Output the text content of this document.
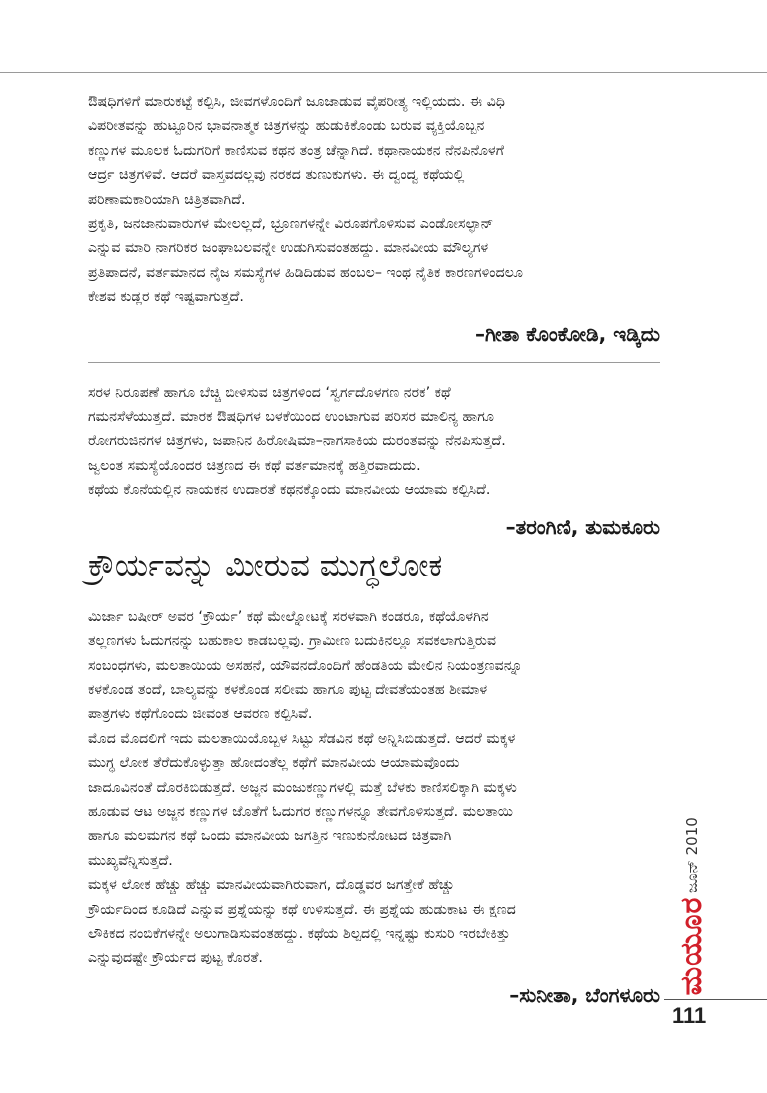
ಔಷಧಿಗಳಿಗೆ ಮಾರುಕಟ್ಟೆ ಕಲ್ಪಿಸಿ, ಜೀವಗಳೊಂದಿಗೆ ಜೂಜಾಡುವ ವೈಪರೀತ್ಯ ಇಲ್ಲಿಯದು. ಈ ವಿಧಿ
ವಿಪರೀತವನ್ನು ಹುಟ್ಟೂರಿನ ಭಾವನಾತ್ಮಕ ಚಿತ್ರಗಳನ್ನು ಹುಡುಕಿಕೊಂಡು ಬರುವ ವ್ಯಕ್ತಿಯೊಬ್ಬನ
ಕಣ್ಣುಗಳ ಮೂಲಕ ಓದುಗರಿಗೆ ಕಾಣಿಸುವ ಕಥನ ತಂತ್ರ ಚೆನ್ನಾಗಿದೆ. ಕಥಾನಾಯಕನ ನೆನಪಿನೊಳಗೆ
ಆರ್ದ್ರ ಚಿತ್ರಗಳಿವೆ. ಆದರೆ ವಾಸ್ತವದಲ್ಲವು ನರಕದ ತುಣುಕುಗಳು. ಈ ದ್ವಂದ್ವ ಕಥೆಯಲ್ಲಿ
ಪರಿಣಾಮಕಾರಿಯಾಗಿ ಚಿತ್ರಿತವಾಗಿದೆ.
ಪ್ರಕೃತಿ, ಜನಜಾನುವಾರುಗಳ ಮೇಲಲ್ಲದೆ, ಭ್ರೂಣಗಳನ್ನೇ ವಿರೂಪಗೊಳಿಸುವ ಎಂಡೋಸಲ್ಫಾನ್
ಎನ್ನುವ ಮಾರಿ ನಾಗರಿಕರ ಜಂಘಾಬಲವನ್ನೇ ಉಡುಗಿಸುವಂತಹದ್ದು. ಮಾನವೀಯ ಮೌಲ್ಯಗಳ
ಪ್ರತಿಪಾದನೆ, ವರ್ತಮಾನದ ನೈಜ ಸಮಸ್ಯೆಗಳ ಹಿಡಿದಿಡುವ ಹಂಬಲ– ಇಂಥ ನೈತಿಕ ಕಾರಣಗಳಿಂದಲೂ
ಕೇಶವ ಕುಡ್ಲರ ಕಥೆ ಇಷ್ಟವಾಗುತ್ತದೆ.
–ಗೀತಾ ಕೊಂಕೋಡಿ, ಇಡ್ಕಿದು
ಸರಳ ನಿರೂಪಣೆ ಹಾಗೂ ಬೆಚ್ಚಿ ಬೀಳಿಸುವ ಚಿತ್ರಗಳಿಂದ ‘ಸ್ವರ್ಗದೊಳಗಣ ನರಕ’ ಕಥೆ
ಗಮನಸೆಳೆಯುತ್ತದೆ. ಮಾರಕ ಔಷಧಿಗಳ ಬಳಕೆಯಿಂದ ಉಂಟಾಗುವ ಪರಿಸರ ಮಾಲಿನ್ಯ ಹಾಗೂ
ರೋಗರುಜಿನಗಳ ಚಿತ್ರಗಳು, ಜಪಾನಿನ ಹಿರೋಷಿಮಾ–ನಾಗಸಾಕಿಯ ದುರಂತವನ್ನು ನೆನಪಿಸುತ್ತದೆ.
ಜ್ವಲಂತ ಸಮಸ್ಯೆಯೊಂದರ ಚಿತ್ರಣದ ಈ ಕಥೆ ವರ್ತಮಾನಕ್ಕೆ ಹತ್ತಿರವಾದುದು.
ಕಥೆಯ ಕೊನೆಯಲ್ಲಿನ ನಾಯಕನ ಉದಾರತೆ ಕಥನಕ್ಕೊಂದು ಮಾನವೀಯ ಆಯಾಮ ಕಲ್ಪಿಸಿದೆ.
–ತರಂಗಿಣಿ, ತುಮಕೂರು
ಕ್ರೌರ್ಯವನ್ನು ಮೀರುವ ಮುಗ್ಧಲೋಕ
ಮಿರ್ಜಾ ಬಷೀರ್ ಅವರ ‘ಕ್ರೌರ್ಯ’ ಕಥೆ ಮೇಲ್ನೋಟಕ್ಕೆ ಸರಳವಾಗಿ ಕಂಡರೂ, ಕಥೆಯೊಳಗಿನ
ತಲ್ಲಣಗಳು ಓದುಗನನ್ನು ಬಹುಕಾಲ ಕಾಡಬಲ್ಲವು. ಗ್ರಾಮೀಣ ಬದುಕಿನಲ್ಲೂ ಸವಕಲಾಗುತ್ತಿರುವ
ಸಂಬಂಧಗಳು, ಮಲತಾಯಿಯ ಅಸಹನೆ, ಯೌವನದೊಂದಿಗೆ ಹೆಂಡತಿಯ ಮೇಲಿನ ನಿಯಂತ್ರಣವನ್ನೂ
ಕಳಕೊಂಡ ತಂದೆ, ಬಾಲ್ಯವನ್ನು ಕಳಕೊಂಡ ಸಲೀಮ ಹಾಗೂ ಪುಟ್ಟ ದೇವತೆಯಂತಹ ಶೀಮಾಳ
ಪಾತ್ರಗಳು ಕಥೆಗೊಂದು ಜೀವಂತ ಆವರಣ ಕಲ್ಪಿಸಿವೆ.
ಮೊದ ಮೊದಲಿಗೆ ಇದು ಮಲತಾಯಿಯೊಬ್ಬಳ ಸಿಟ್ಟು ಸೆಡವಿನ ಕಥೆ ಅನ್ನಿಸಿಬಿಡುತ್ತದೆ. ಆದರೆ ಮಕ್ಕಳ
ಮುಗ್ಧ ಲೋಕ ತೆರೆದುಕೊಳ್ಳುತ್ತಾ ಹೋದಂತೆಲ್ಲ ಕಥೆಗೆ ಮಾನವೀಯ ಆಯಾಮವೊಂದು
ಜಾದೂವಿನಂತೆ ದೊರಕಿಬಿಡುತ್ತದೆ. ಅಜ್ಜನ ಮಂಜುಕಣ್ಣುಗಳಲ್ಲಿ ಮತ್ತೆ ಬೆಳಕು ಕಾಣಿಸಲಿಕ್ಕಾಗಿ ಮಕ್ಕಳು
ಹೂಡುವ ಆಟ ಅಜ್ಜನ ಕಣ್ಣುಗಳ ಜೊತೆಗೆ ಓದುಗರ ಕಣ್ಣುಗಳನ್ನೂ ತೇವಗೊಳಿಸುತ್ತದೆ. ಮಲತಾಯಿ
ಹಾಗೂ ಮಲಮಗನ ಕಥೆ ಒಂದು ಮಾನವೀಯ ಜಗತ್ತಿನ ಇಣುಕುನೋಟದ ಚಿತ್ರವಾಗಿ
ಮುಖ್ಯವೆನ್ನಿಸುತ್ತದೆ.
ಮಕ್ಕಳ ಲೋಕ ಹೆಚ್ಚು ಹೆಚ್ಚು ಮಾನವೀಯವಾಗಿರುವಾಗ, ದೊಡ್ಡವರ ಜಗತ್ತೇಕೆ ಹೆಚ್ಚು
ಕ್ರೌರ್ಯದಿಂದ ಕೂಡಿದೆ ಎನ್ನುವ ಪ್ರಶ್ನೆಯನ್ನು ಕಥೆ ಉಳಿಸುತ್ತದೆ. ಈ ಪ್ರಶ್ನೆಯ ಹುಡುಕಾಟ ಈ ಕ್ಷಣದ
ಲೌಕಿಕದ ನಂಬಿಕೆಗಳನ್ನೇ ಅಲುಗಾಡಿಸುವಂತಹದ್ದು. ಕಥೆಯ ಶಿಲ್ಪದಲ್ಲಿ ಇನ್ನಷ್ಟು ಕುಸುರಿ ಇರಬೇಕಿತ್ತು
ಎನ್ನುವುದಷ್ಟೇ ಕ್ರೌರ್ಯದ ಪುಟ್ಟ ಕೊರತೆ.
–ಸುನೀತಾ, ಬೆಂಗಳೂರು
ಜೂನ್ 2010
ಮಯೂರ
111
